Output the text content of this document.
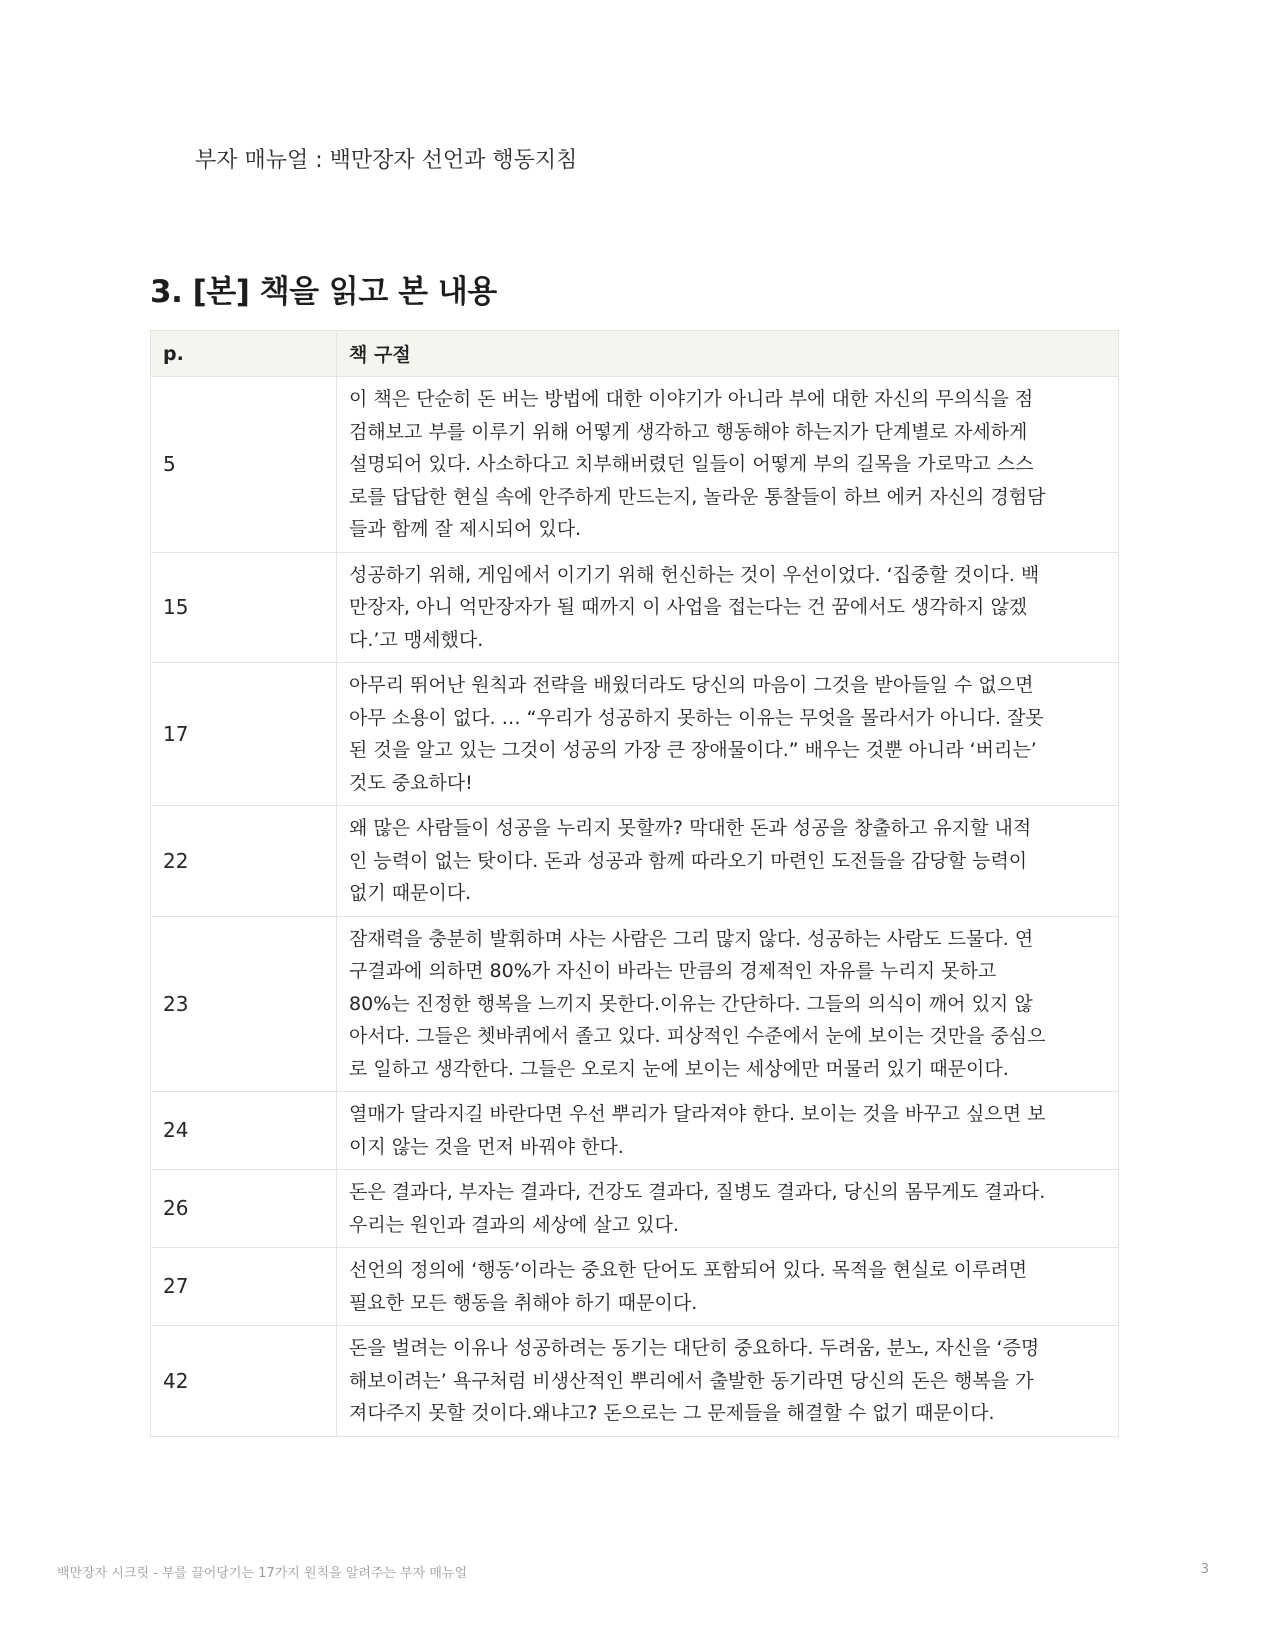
부자 매뉴얼 : 백만장자 선언과 행동지침
3. [본] 책을 읽고 본 내용
p.	책 구절
5	이 책은 단순히 돈 버는 방법에 대한 이야기가 아니라 부에 대한 자신의 무의식을 점
검해보고 부를 이루기 위해 어떻게 생각하고 행동해야 하는지가 단계별로 자세하게
설명되어 있다. 사소하다고 치부해버렸던 일들이 어떻게 부의 길목을 가로막고 스스
로를 답답한 현실 속에 안주하게 만드는지, 놀라운 통찰들이 하브 에커 자신의 경험담
들과 함께 잘 제시되어 있다.

15	성공하기 위해, 게임에서 이기기 위해 헌신하는 것이 우선이었다. ‘집중할 것이다. 백
만장자, 아니 억만장자가 될 때까지 이 사업을 접는다는 건 꿈에서도 생각하지 않겠
다.’고 맹세했다.

17	아무리 뛰어난 원칙과 전략을 배웠더라도 당신의 마음이 그것을 받아들일 수 없으면
아무 소용이 없다. … “우리가 성공하지 못하는 이유는 무엇을 몰라서가 아니다. 잘못
된 것을 알고 있는 그것이 성공의 가장 큰 장애물이다.” 배우는 것뿐 아니라 ‘버리는’
것도 중요하다!

22	왜 많은 사람들이 성공을 누리지 못할까? 막대한 돈과 성공을 창출하고 유지할 내적
인 능력이 없는 탓이다. 돈과 성공과 함께 따라오기 마련인 도전들을 감당할 능력이
없기 때문이다.

23	잠재력을 충분히 발휘하며 사는 사람은 그리 많지 않다. 성공하는 사람도 드물다. 연
구결과에 의하면 80%가 자신이 바라는 만큼의 경제적인 자유를 누리지 못하고
80%는 진정한 행복을 느끼지 못한다.이유는 간단하다. 그들의 의식이 깨어 있지 않
아서다. 그들은 쳇바퀴에서 졸고 있다. 피상적인 수준에서 눈에 보이는 것만을 중심으
로 일하고 생각한다. 그들은 오로지 눈에 보이는 세상에만 머물러 있기 때문이다.

24	열매가 달라지길 바란다면 우선 뿌리가 달라져야 한다. 보이는 것을 바꾸고 싶으면 보
이지 않는 것을 먼저 바꿔야 한다.

26	돈은 결과다, 부자는 결과다, 건강도 결과다, 질병도 결과다, 당신의 몸무게도 결과다.
우리는 원인과 결과의 세상에 살고 있다.

27	선언의 정의에 ‘행동’이라는 중요한 단어도 포함되어 있다. 목적을 현실로 이루려면
필요한 모든 행동을 취해야 하기 때문이다.

42	돈을 벌려는 이유나 성공하려는 동기는 대단히 중요하다. 두려움, 분노, 자신을 ‘증명
해보이려는’ 욕구처럼 비생산적인 뿌리에서 출발한 동기라면 당신의 돈은 행복을 가
져다주지 못할 것이다.왜냐고? 돈으로는 그 문제들을 해결할 수 없기 때문이다.
백만장자 시크릿 - 부를 끌어당기는 17가지 원칙을 알려주는 부자 매뉴얼	3
